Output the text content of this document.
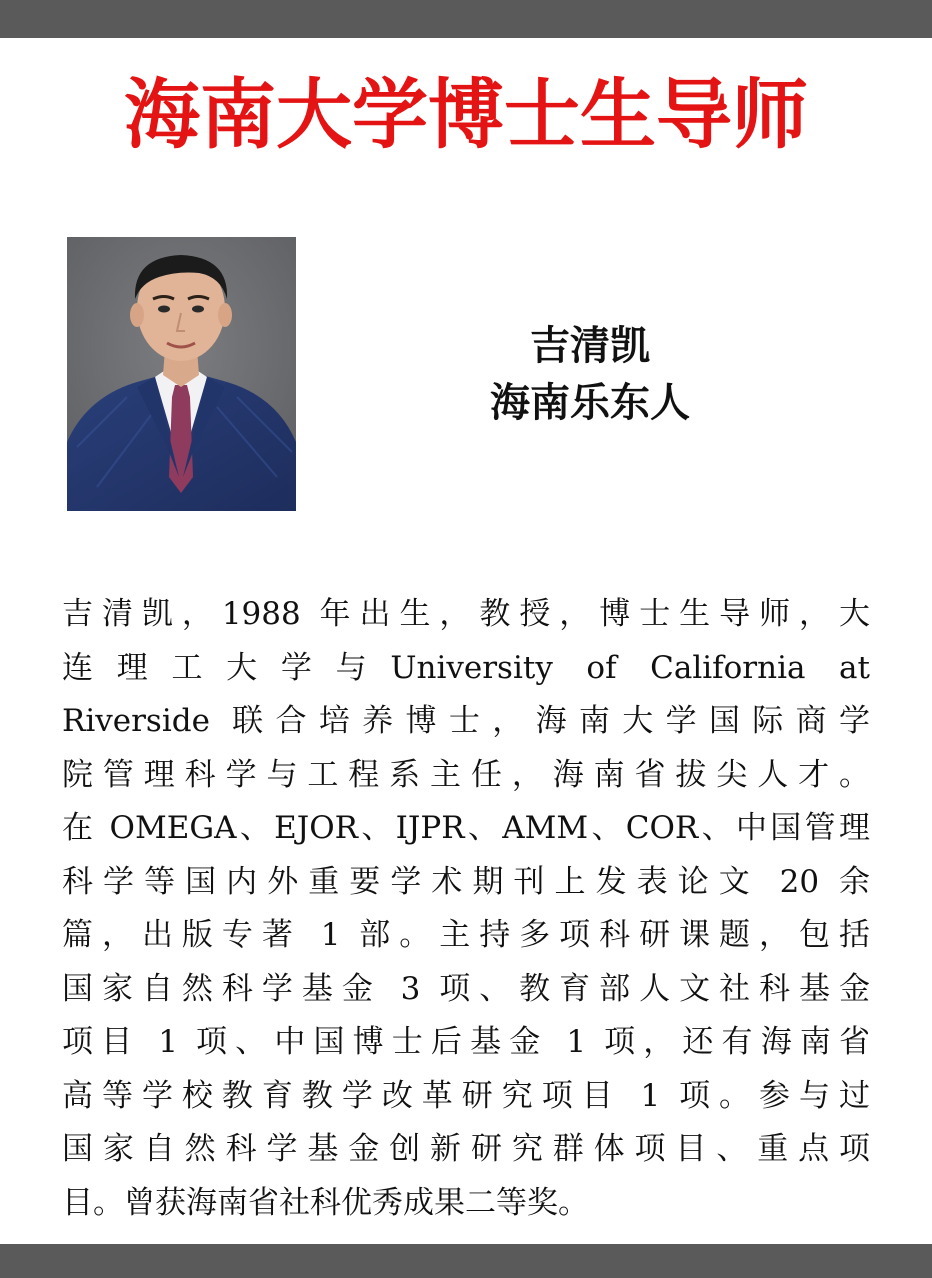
海南大学博士生导师
吉清凯
海南乐东人
吉清凯，1988 年出生，教授，博士生导师，大
连理工大学与University of California at
Riverside 联合培养博士，海南大学国际商学
院管理科学与工程系主任，海南省拔尖人才。
在 OMEGA、EJOR、IJPR、AMM、COR、中国管理
科学等国内外重要学术期刊上发表论文 20 余
篇，出版专著 1 部。主持多项科研课题，包括
国家自然科学基金 3 项、教育部人文社科基金
项目 1 项、中国博士后基金 1 项，还有海南省
高等学校教育教学改革研究项目 1 项。参与过
国家自然科学基金创新研究群体项目、重点项
目。曾获海南省社科优秀成果二等奖。
